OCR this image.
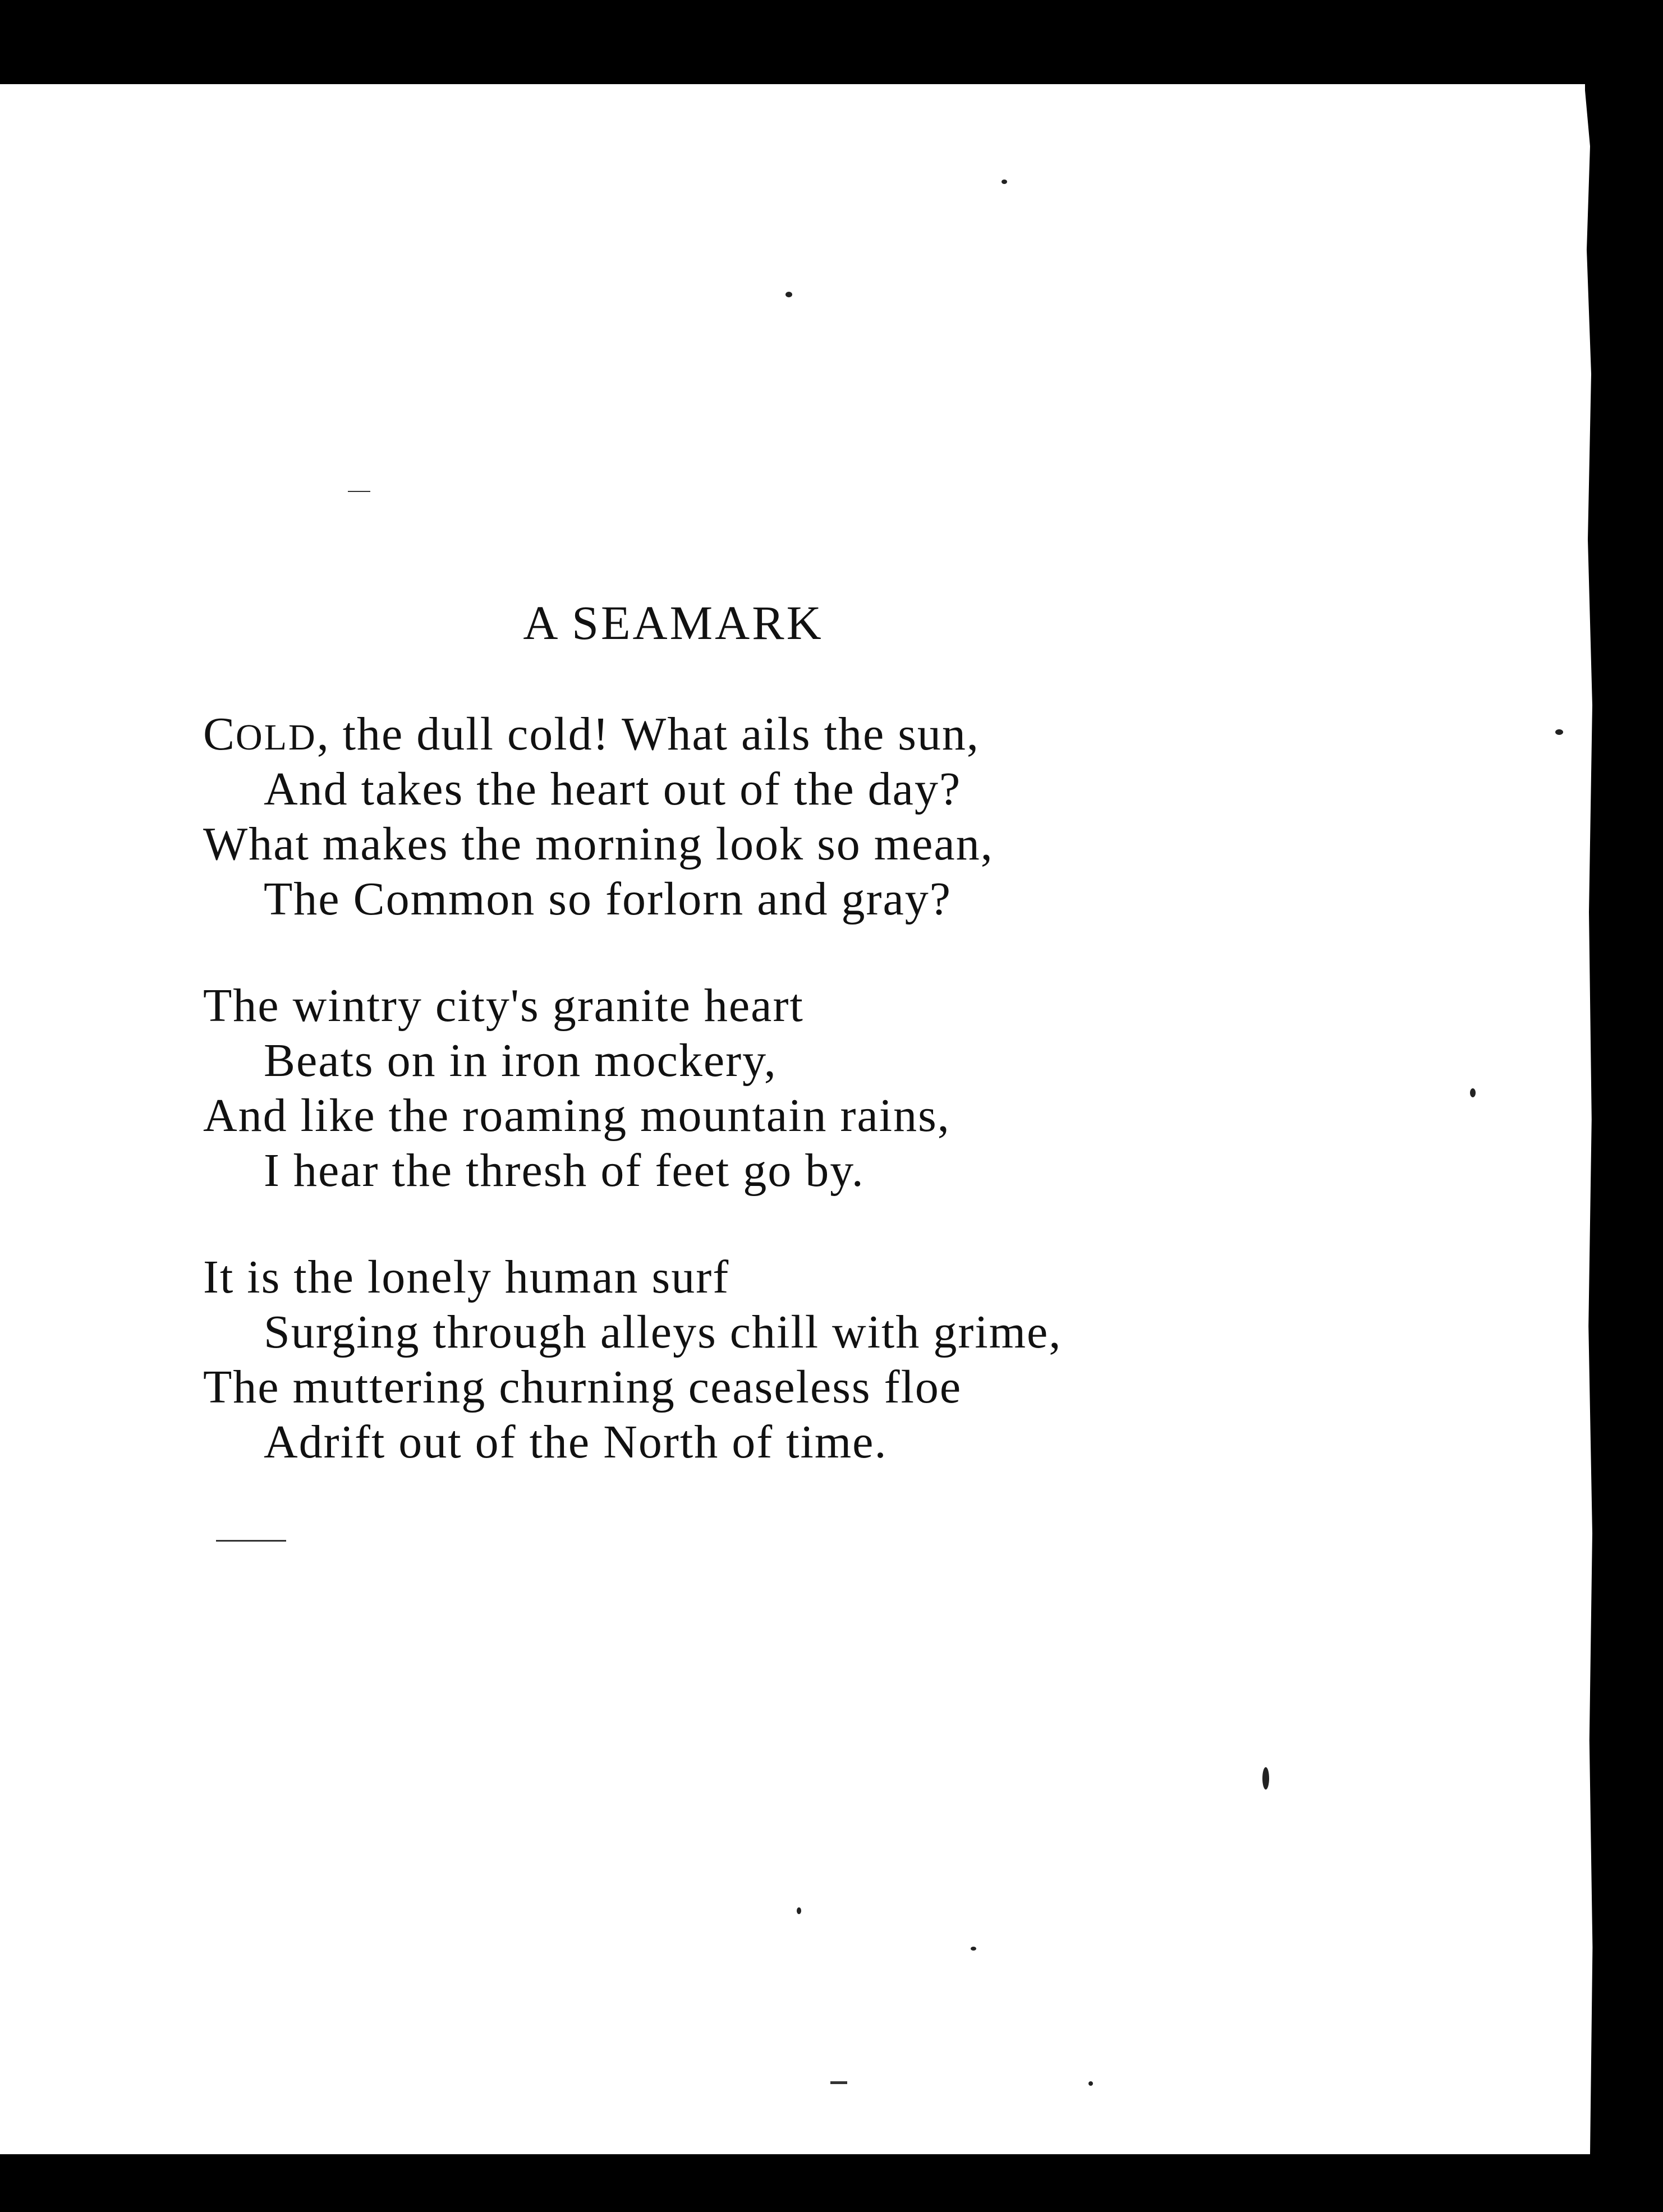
A SEAMARK
COLD, the dull cold! What ails the sun,
And takes the heart out of the day?
What makes the morning look so mean,
The Common so forlorn and gray?
The wintry city's granite heart
Beats on in iron mockery,
And like the roaming mountain rains,
I hear the thresh of feet go by.
It is the lonely human surf
Surging through alleys chill with grime,
The muttering churning ceaseless floe
Adrift out of the North of time.
